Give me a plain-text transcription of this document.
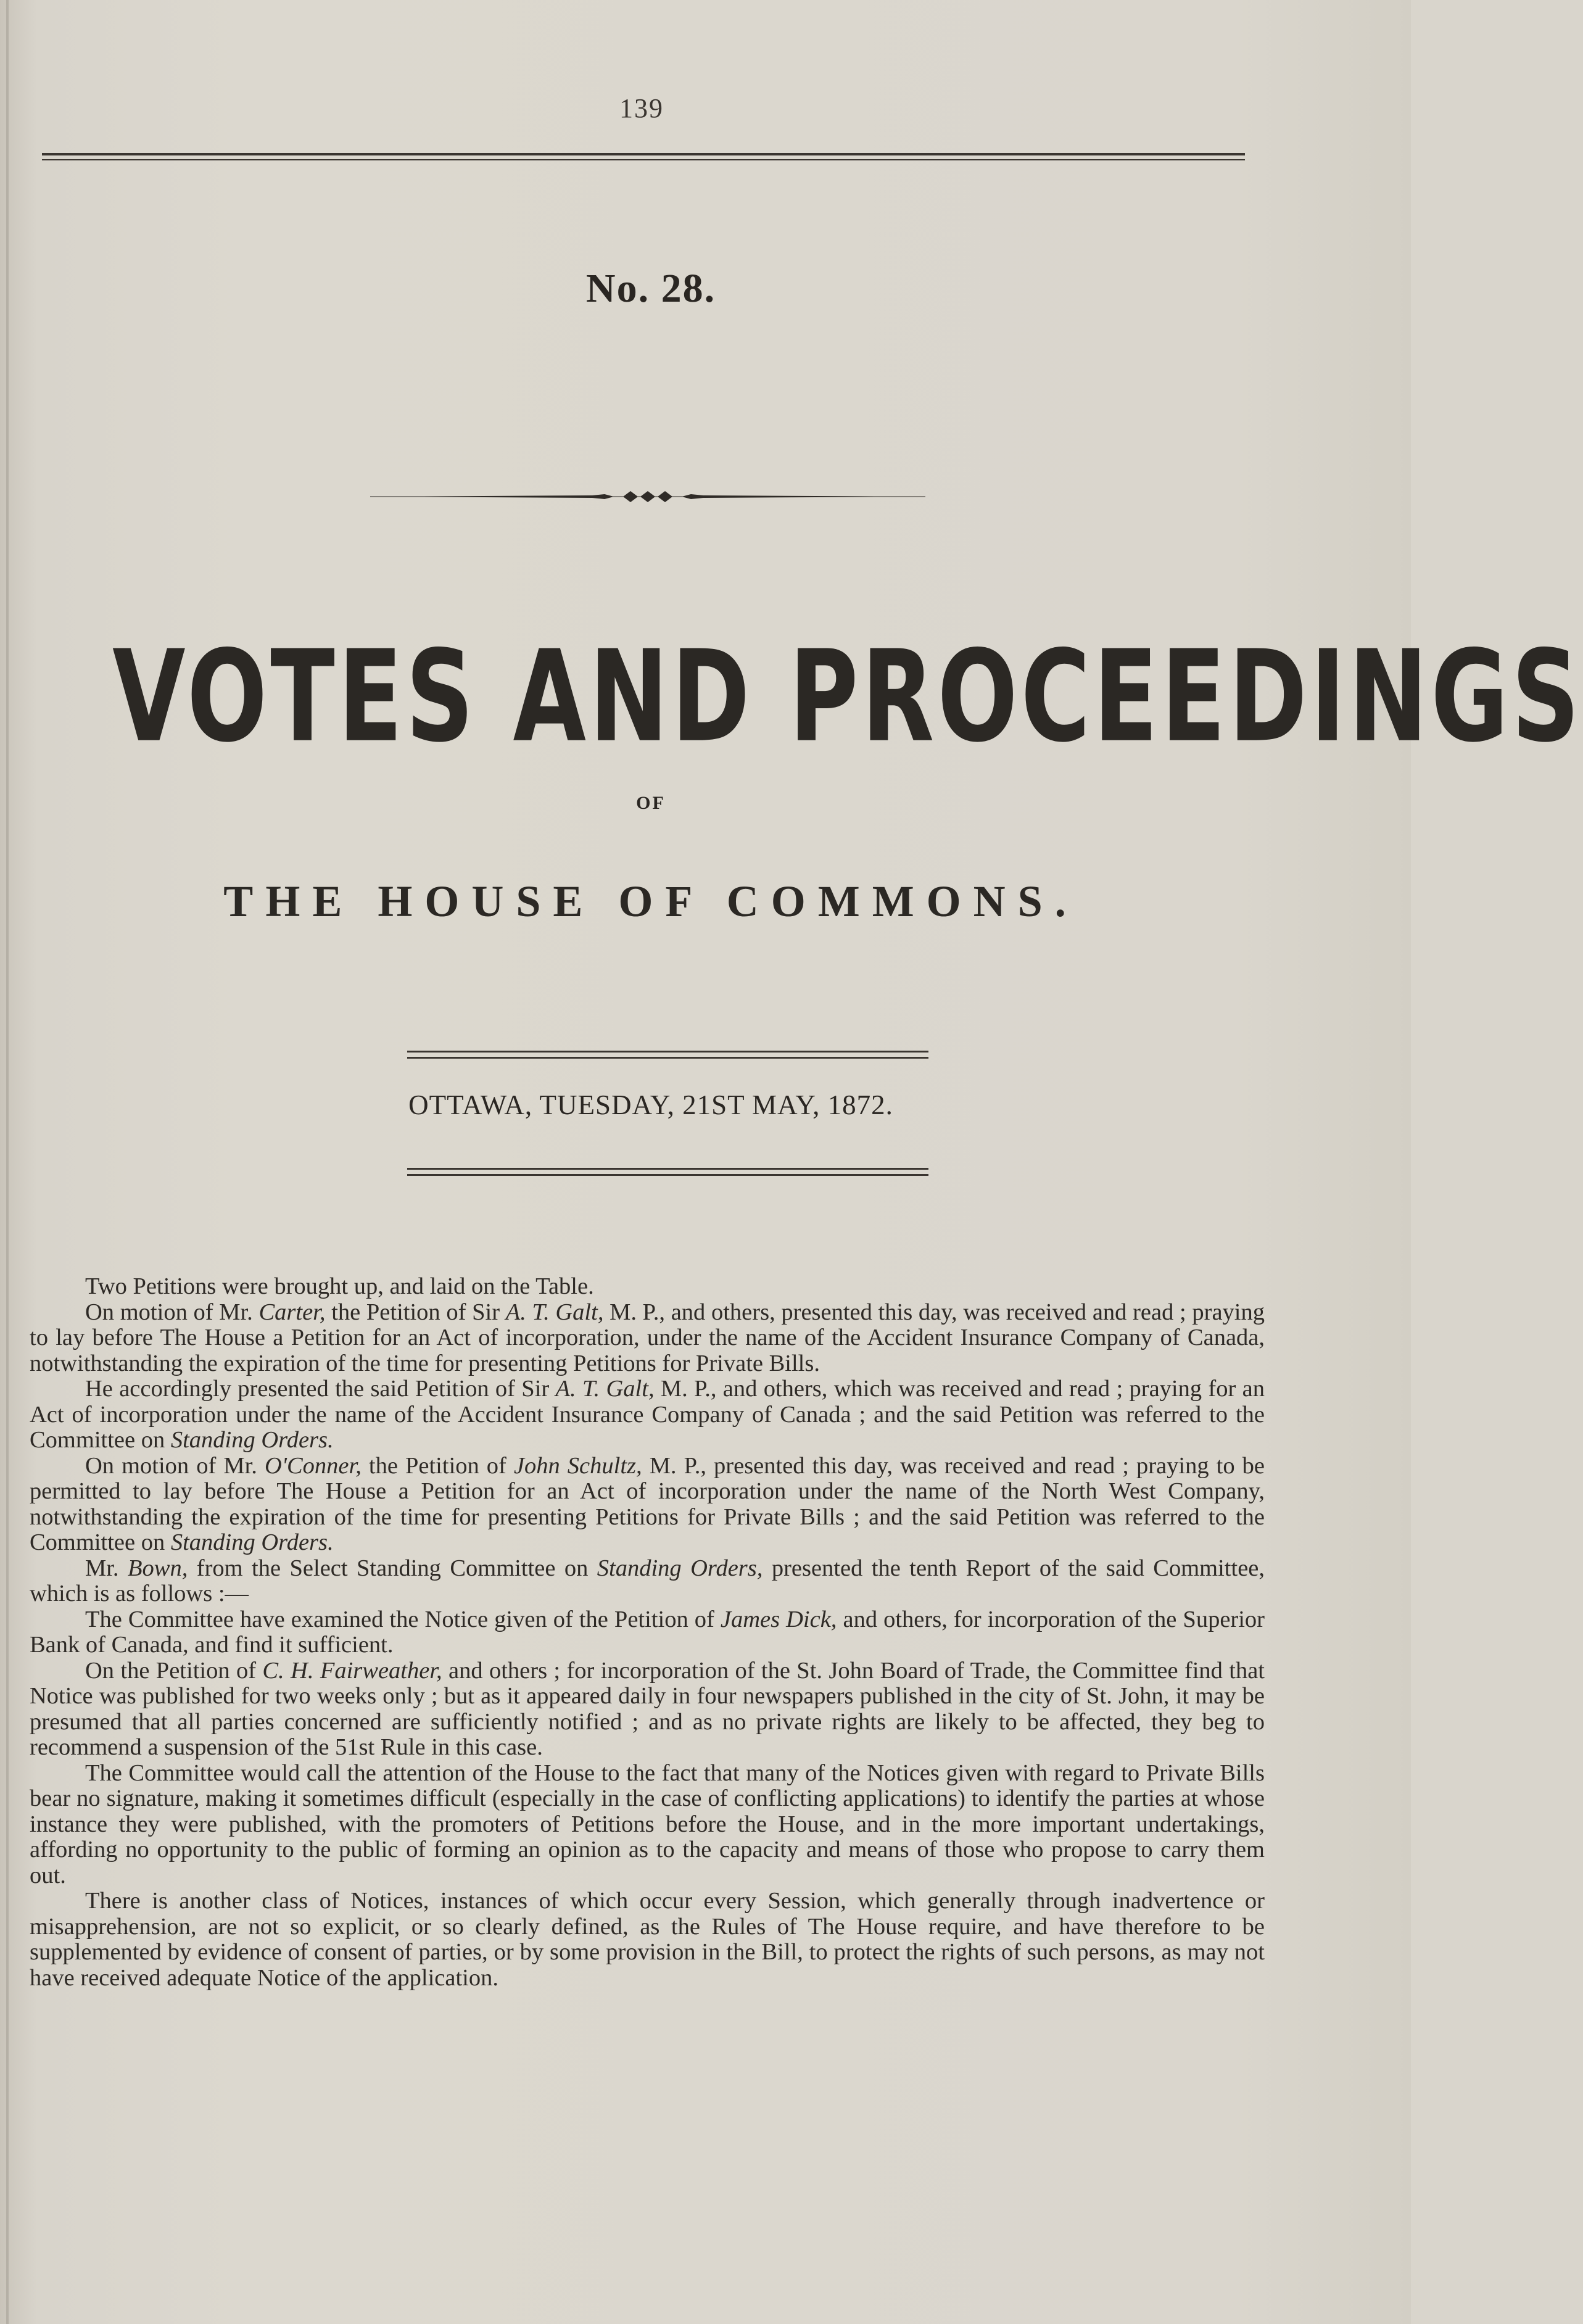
139
No. 28.
VOTES AND PROCEEDINGS
OF
THE HOUSE OF COMMONS.
OTTAWA, TUESDAY, 21ST MAY, 1872.

Two Petitions were brought up, and laid on the Table.

On motion of Mr. Carter, the Petition of Sir A. T. Galt, M. P., and others, presented this day, was received and read ; praying to lay before The House a Petition for an Act of incorporation, under the name of the Accident Insurance Company of Canada, notwithstanding the expiration of the time for presenting Petitions for Private Bills.

He accordingly presented the said Petition of Sir A. T. Galt, M. P., and others, which was received and read ; praying for an Act of incorporation under the name of the Accident Insurance Company of Canada ; and the said Petition was referred to the Committee on Standing Orders.

On motion of Mr. O'Conner, the Petition of John Schultz, M. P., presented this day, was received and read ; praying to be permitted to lay before The House a Petition for an Act of incorporation under the name of the North West Company, notwithstanding the expiration of the time for presenting Petitions for Private Bills ; and the said Petition was referred to the Committee on Standing Orders.

Mr. Bown, from the Select Standing Committee on Standing Orders, presented the tenth Report of the said Committee, which is as follows :—

The Committee have examined the Notice given of the Petition of James Dick, and others, for incorporation of the Superior Bank of Canada, and find it sufficient.

On the Petition of C. H. Fairweather, and others ; for incorporation of the St. John Board of Trade, the Committee find that Notice was published for two weeks only ; but as it appeared daily in four newspapers published in the city of St. John, it may be presumed that all parties concerned are sufficiently notified ; and as no private rights are likely to be affected, they beg to recommend a suspension of the 51st Rule in this case.

The Committee would call the attention of the House to the fact that many of the Notices given with regard to Private Bills bear no signature, making it sometimes difficult (especially in the case of conflicting applications) to identify the parties at whose instance they were published, with the promoters of Petitions before the House, and in the more important undertakings, affording no opportunity to the public of forming an opinion as to the capacity and means of those who propose to carry them out.

There is another class of Notices, instances of which occur every Session, which generally through inadvertence or misapprehension, are not so explicit, or so clearly defined, as the Rules of The House require, and have therefore to be supplemented by evidence of consent of parties, or by some provision in the Bill, to protect the rights of such persons, as may not have received adequate Notice of the application.
